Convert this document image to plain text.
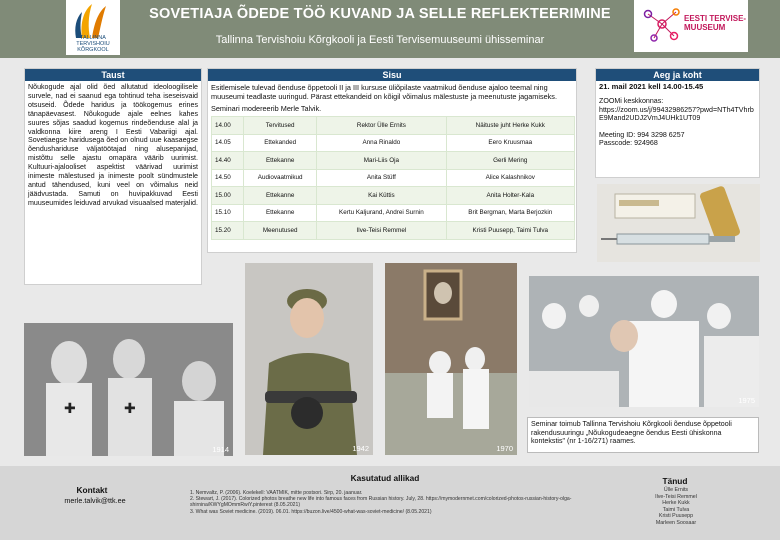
TALLINNA TERVISHOIU KÕRGKOOL
SOVETIAJA ÕDEDE TÖÖ KUVAND JA SELLE REFLEKTEERIMINE
Tallinna Tervishoiu Kõrgkooli ja Eesti Tervisemuuseumi ühisseminar
EESTI TERVISE- MUUSEUM
Taust
Nõukogude ajal olid õed allutatud ideoloogilisele survele, nad ei saanud ega tohtinud teha iseseisvaid otsuseid. Õdede haridus ja töökogemus erines tänapäevasest. Nõukogude ajale eelnes kahes suures sõjas saadud kogemus rindeõenduse alal ja valdkonna kiire areng I Eesti Vabariigi ajal. Sovetiaegse haridusega õed on olnud uue kaasaegse õendushariduse väljatöötajad ning alusepanijad, mistõttu selle ajastu omapära väärib uurimist. Kultuuri-ajalooliset aspektist väärivad uurimist inimeste mälestused ja inimeste poolt sündmustele antud tähendused, kuni veel on võimalus neid jäädvustada. Samuti on huvipakkuvad Eesti muuseumides leiduvad arvukad visuaalsed materjalid.
Sisu
Esitlemisele tulevad õenduse õppetooli II ja III kursuse üliõpilaste vaatmikud õenduse ajaloo teemal ning muuseumi teadlaste uuringud. Pärast ettekandeid on kõigil võimalus mälestuste ja meenutuste jagamiseks.
Seminari modereerib Merle Talvik.
14.00	Tervitused	Rektor Ülle Ernits	Näituste juht Herke Kukk
14.05	Ettekanded	Anna Rinaldo	Eero Kruusmaa
14.40	Ettekanne	Mari-Liis Oja	Gerli Mering
14.50	Audiovaatmikud	Anita Stüff	Alice Kalashnikov
15.00	Ettekanne	Kai Küttis	Anita Holter-Kala
15.10	Ettekanne	Kertu Kaljurand, Andrei Surnin	Brit Bergman, Marta Berjozkin
15.20	Meenutused	Ilve-Teisi Remmel	Kristi Puusepp, Taimi Tulva
Aeg ja koht
21. mail 2021 kell 14.00-15.45
ZOOMi keskkonnas:
https://zoom.us/j/99432986257?pwd=NTh4TVhrbE9Mand2UDJ2VmJ4UHk1UT09
Meeting ID: 994 3298 6257
Passcode: 924968
✚	✚
1914	1942	1970
1975
Seminar toimub Tallinna Tervishoiu Kõrgkooli õenduse õppetooli rakendusuuringu „Nõukogudeaegne õendus Eesti ühiskonna kontekstis" (nr 1-16/271) raames.
Kontakt
merle.talvik@ttk.ee
Kasutatud allikad
1. Nemvaltz, P. (2006). Koelekell: VAATMIK, mitte postsori. Sirp, 20. jaanuar.
2. Stewart, J. (2017). Colorized photos breathe new life into famous faces from Russian history. July, 28. https://mymodernmet.com/colorized-photos-russian-history-olga-shirnina/KWYgMOmmRwiY.pinterest (8.05.2021)
3. What was Soviet medicine. (2019). 06.01. https://buzon.live/4500-what-was-soviet-medicine/ (8.05.2021)
Tänud
Ülle Ernits
Ilve-Teisi Remmel
Herke Kukk
Taimi Tulva
Kristi Puusepp
Marleen Soosaar
